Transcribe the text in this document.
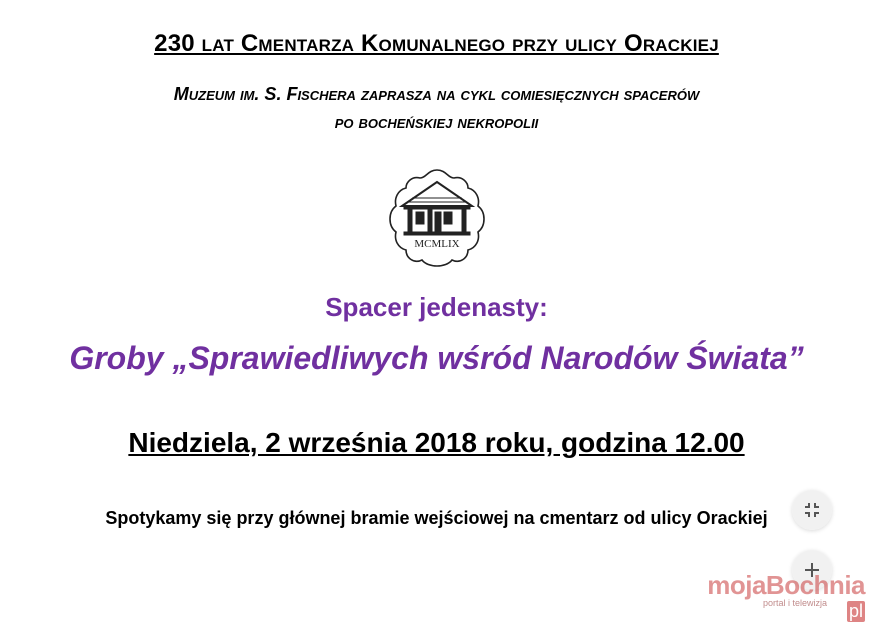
230 lat Cmentarza Komunalnego przy ulicy Orackiej
Muzeum im. S. Fischera zaprasza na cykl comiesięcznych spacerów
po bocheńskiej nekropolii
MCMLIX
Spacer jedenasty:
Groby „Sprawiedliwych wśród Narodów Świata”
Niedziela, 2 września 2018 roku, godzina 12.00
Spotykamy się przy głównej bramie wejściowej na cmentarz od ulicy Orackiej
mojaBochniapl
portal i telewizja
